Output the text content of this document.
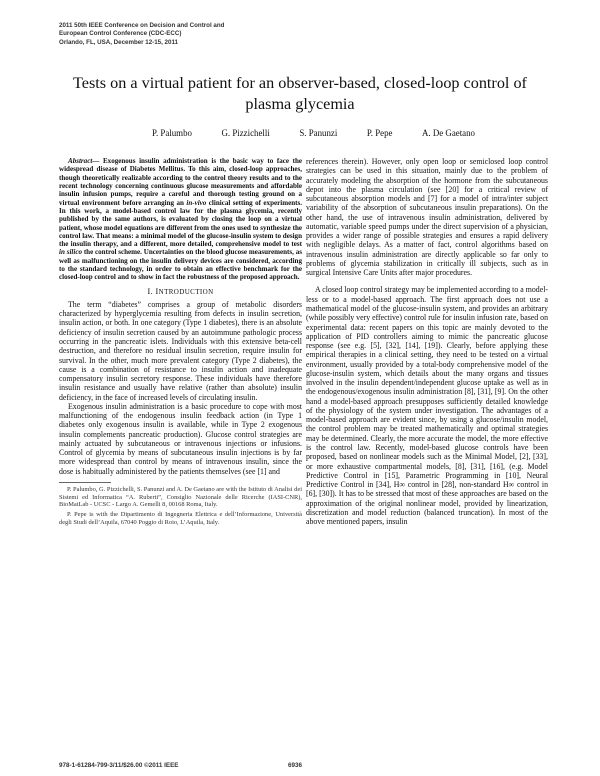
2011 50th IEEE Conference on Decision and Control and
European Control Conference (CDC-ECC)
Orlando, FL, USA, December 12-15, 2011
Tests on a virtual patient for an observer-based, closed-loop control of plasma glycemia
P. Palumbo	G. Pizzichelli	S. Panunzi	P. Pepe	A. De Gaetano

Abstract— Exogenous insulin administration is the basic way to face the widespread disease of Diabetes Mellitus. To this aim, closed-loop approaches, though theoretically realizable according to the control theory results and to the recent technology concerning continuous glucose measurements and affordable insulin infusion pumps, require a careful and thorough testing ground on a virtual environment before arranging an in-vivo clinical setting of experiments. In this work, a model-based control law for the plasma glycemia, recently published by the same authors, is evaluated by closing the loop on a virtual patient, whose model equations are different from the ones used to synthesize the control law. That means: a minimal model of the glucose-insulin system to design the insulin therapy, and a different, more detailed, comprehensive model to test in silico the control scheme. Uncertainties on the blood glucose measurements, as well as malfunctioning on the insulin delivery devices are considered, according to the standard technology, in order to obtain an effective benchmark for the closed-loop control and to show in fact the robustness of the proposed approach.

I. INTRODUCTION

The term “diabetes” comprises a group of metabolic disorders characterized by hyperglycemia resulting from defects in insulin secretion, insulin action, or both. In one category (Type 1 diabetes), there is an absolute deficiency of insulin secretion caused by an autoimmune pathologic process occurring in the pancreatic islets. Individuals with this extensive beta-cell destruction, and therefore no residual insulin secretion, require insulin for survival. In the other, much more prevalent category (Type 2 diabetes), the cause is a combination of resistance to insulin action and inadequate compensatory insulin secretory response. These individuals have therefore insulin resistance and usually have relative (rather than absolute) insulin deficiency, in the face of increased levels of circulating insulin.

Exogenous insulin administration is a basic procedure to cope with most malfunctioning of the endogenous insulin feedback action (in Type 1 diabetes only exogenous insulin is available, while in Type 2 exogenous insulin complements pancreatic production). Glucose control strategies are mainly actuated by subcutaneous or intravenous injections or infusions. Control of glycemia by means of subcutaneous insulin injections is by far more widespread than control by means of intravenous insulin, since the dose is habitually administered by the patients themselves (see [1] and

P. Palumbo, G. Pizzichelli, S. Panunzi and A. De Gaetano are with the Istituto di Analisi dei Sistemi ed Informatica “A. Ruberti”, Consiglio Nazionale delle Ricerche (IASI-CNR), BioMatLab - UCSC - Largo A. Gemelli 8, 00168 Roma, Italy.

P. Pepe is with the Dipartimento di Ingegneria Elettrica e dell’Informazione, Università degli Studi dell’Aquila, 67040 Poggio di Roio, L’Aquila, Italy.

references therein). However, only open loop or semiclosed loop control strategies can be used in this situation, mainly due to the problem of accurately modeling the absorption of the hormone from the subcutaneous depot into the plasma circulation (see [20] for a critical review of subcutaneous absorption models and [7] for a model of intra/inter subject variability of the absorption of subcutaneous insulin preparations). On the other hand, the use of intravenous insulin administration, delivered by automatic, variable speed pumps under the direct supervision of a physician, provides a wider range of possible strategies and ensures a rapid delivery with negligible delays. As a matter of fact, control algorithms based on intravenous insulin administration are directly applicable so far only to problems of glycemia stabilization in critically ill subjects, such as in surgical Intensive Care Units after major procedures.

A closed loop control strategy may be implemented according to a model-less or to a model-based approach. The first approach does not use a mathematical model of the glucose-insulin system, and provides an arbitrary (while possibly very effective) control rule for insulin infusion rate, based on experimental data: recent papers on this topic are mainly devoted to the application of PID controllers aiming to mimic the pancreatic glucose response (see e.g. [5], [32], [14], [19]). Clearly, before applying these empirical therapies in a clinical setting, they need to be tested on a virtual environment, usually provided by a total-body comprehensive model of the glucose-insulin system, which details about the many organs and tissues involved in the insulin dependent/independent glucose uptake as well as in the endogenous/exogenous insulin administration [8], [31], [9]. On the other hand a model-based approach presupposes sufficiently detailed knowledge of the physiology of the system under investigation. The advantages of a model-based approach are evident since, by using a glucose/insulin model, the control problem may be treated mathematically and optimal strategies may be determined. Clearly, the more accurate the model, the more effective is the control law. Recently, model-based glucose controls have been proposed, based on nonlinear models such as the Minimal Model, [2], [33], or more exhaustive compartmental models, [8], [31], [16], (e.g. Model Predictive Control in [15], Parametric Programming in [10], Neural Predictive Control in [34], H∞ control in [28], non-standard H∞ control in [6], [30]). It has to be stressed that most of these approaches are based on the approximation of the original nonlinear model, provided by linearization, discretization and model reduction (balanced truncation). In most of the above mentioned papers, insulin

978-1-61284-799-3/11/$26.00 ©2011 IEEE	6936
